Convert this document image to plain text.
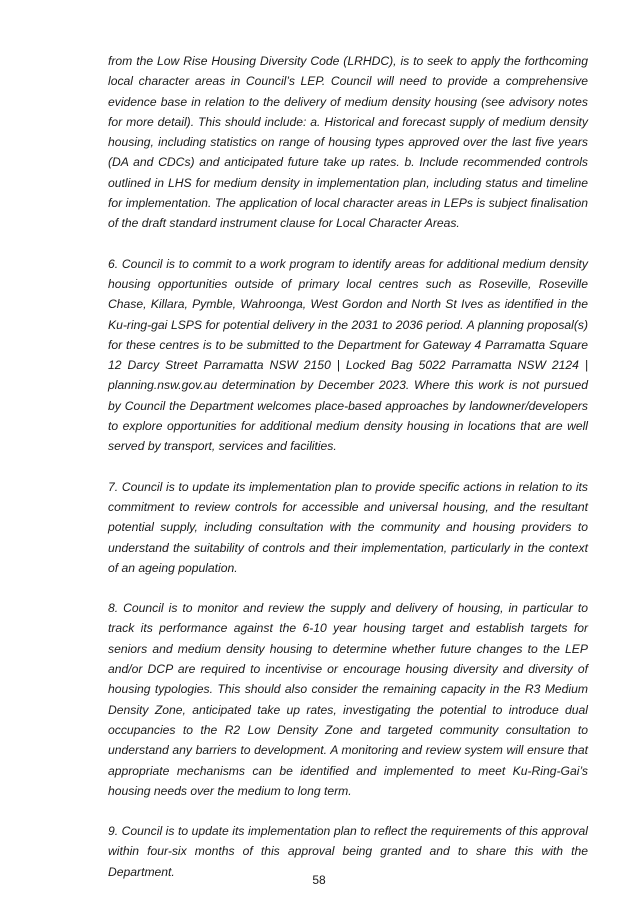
from the Low Rise Housing Diversity Code (LRHDC), is to seek to apply the forthcoming local character areas in Council’s LEP. Council will need to provide a comprehensive evidence base in relation to the delivery of medium density housing (see advisory notes for more detail). This should include: a. Historical and forecast supply of medium density housing, including statistics on range of housing types approved over the last five years (DA and CDCs) and anticipated future take up rates. b. Include recommended controls outlined in LHS for medium density in implementation plan, including status and timeline for implementation. The application of local character areas in LEPs is subject finalisation of the draft standard instrument clause for Local Character Areas.

6. Council is to commit to a work program to identify areas for additional medium density housing opportunities outside of primary local centres such as Roseville, Roseville Chase, Killara, Pymble, Wahroonga, West Gordon and North St Ives as identified in the Ku-ring-gai LSPS for potential delivery in the 2031 to 2036 period. A planning proposal(s) for these centres is to be submitted to the Department for Gateway 4 Parramatta Square 12 Darcy Street Parramatta NSW 2150 | Locked Bag 5022 Parramatta NSW 2124 | planning.nsw.gov.au determination by December 2023. Where this work is not pursued by Council the Department welcomes place-based approaches by landowner/developers to explore opportunities for additional medium density housing in locations that are well served by transport, services and facilities.

7. Council is to update its implementation plan to provide specific actions in relation to its commitment to review controls for accessible and universal housing, and the resultant potential supply, including consultation with the community and housing providers to understand the suitability of controls and their implementation, particularly in the context of an ageing population.

8. Council is to monitor and review the supply and delivery of housing, in particular to track its performance against the 6-10 year housing target and establish targets for seniors and medium density housing to determine whether future changes to the LEP and/or DCP are required to incentivise or encourage housing diversity and diversity of housing typologies. This should also consider the remaining capacity in the R3 Medium Density Zone, anticipated take up rates, investigating the potential to introduce dual occupancies to the R2 Low Density Zone and targeted community consultation to understand any barriers to development. A monitoring and review system will ensure that appropriate mechanisms can be identified and implemented to meet Ku-Ring-Gai’s housing needs over the medium to long term.

9. Council is to update its implementation plan to reflect the requirements of this approval within four-six months of this approval being granted and to share this with the Department.

58
